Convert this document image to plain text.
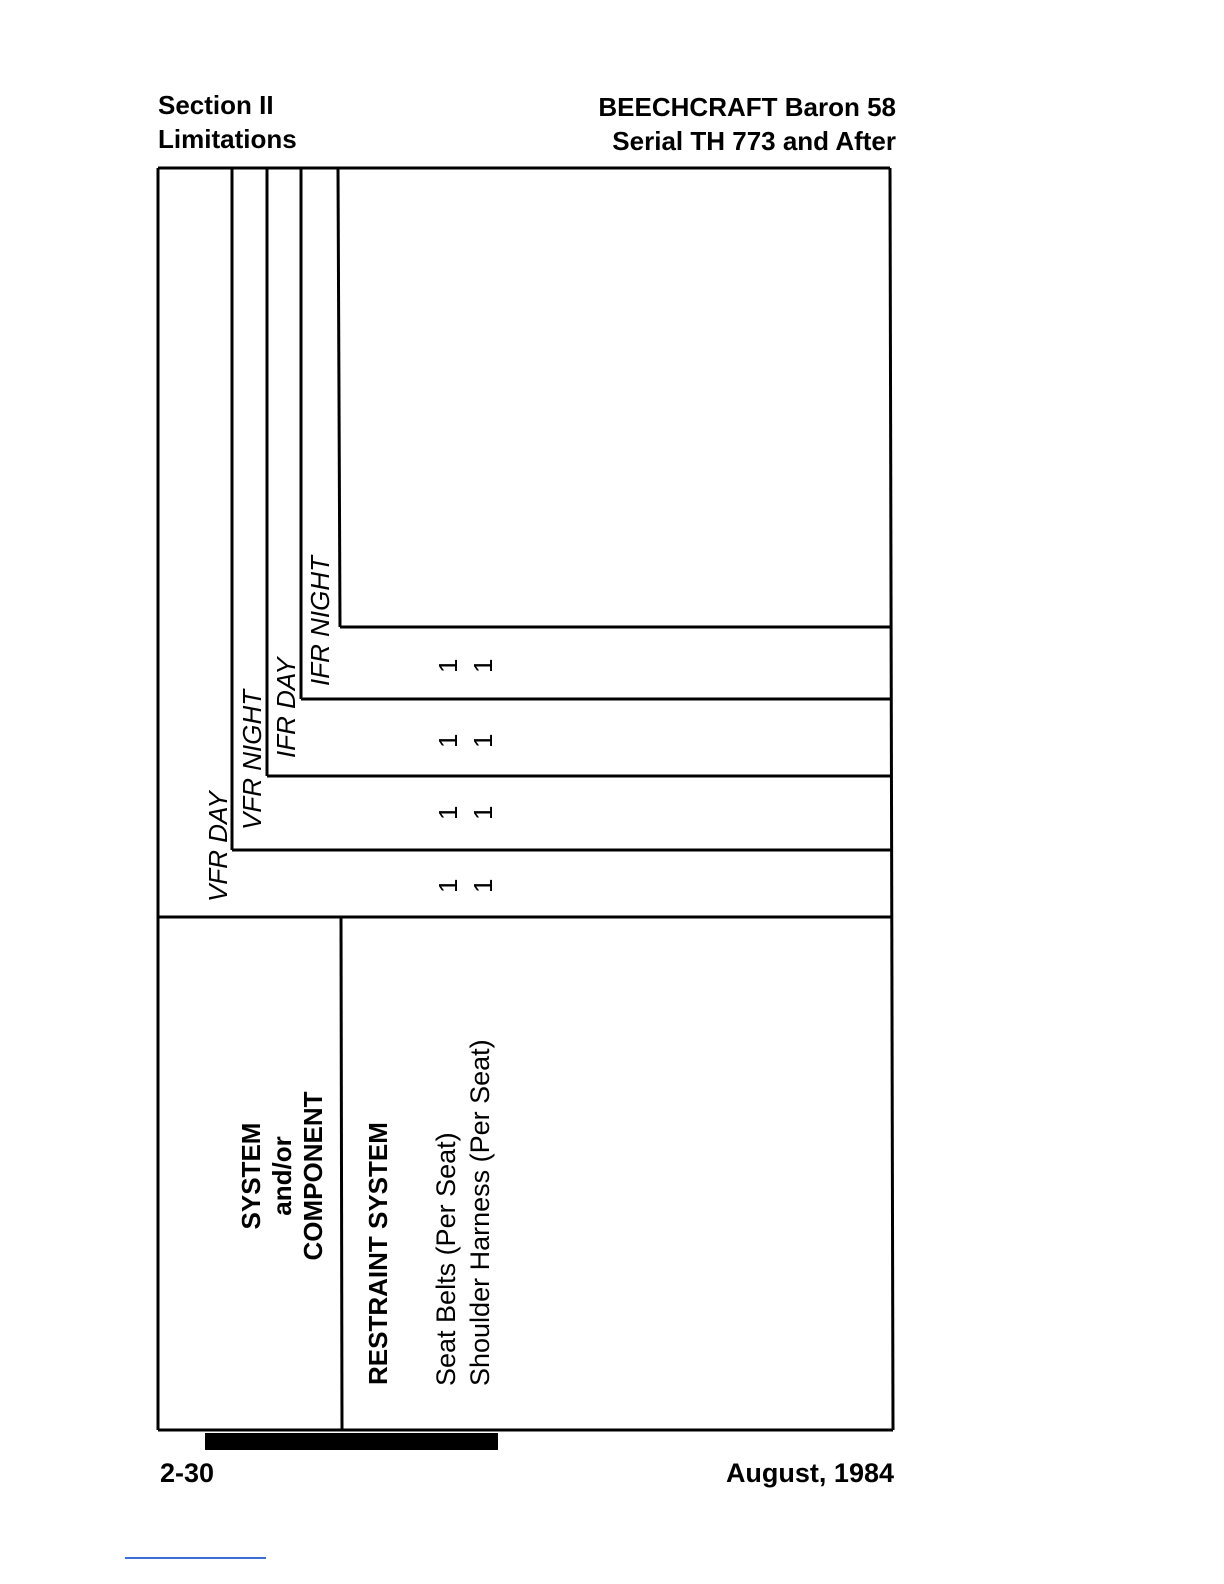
Section II
Limitations
BEECHCRAFT Baron 58
Serial TH 773 and After
VFR DAY
VFR NIGHT IFR DAY
IFR NIGHT
SYSTEM and/or COMPONENT RESTRAINT SYSTEM Seat Belts (Per Seat) Shoulder Harness (Per Seat)
1 1
1 1
1 1
1 1
2-30	August, 1984
